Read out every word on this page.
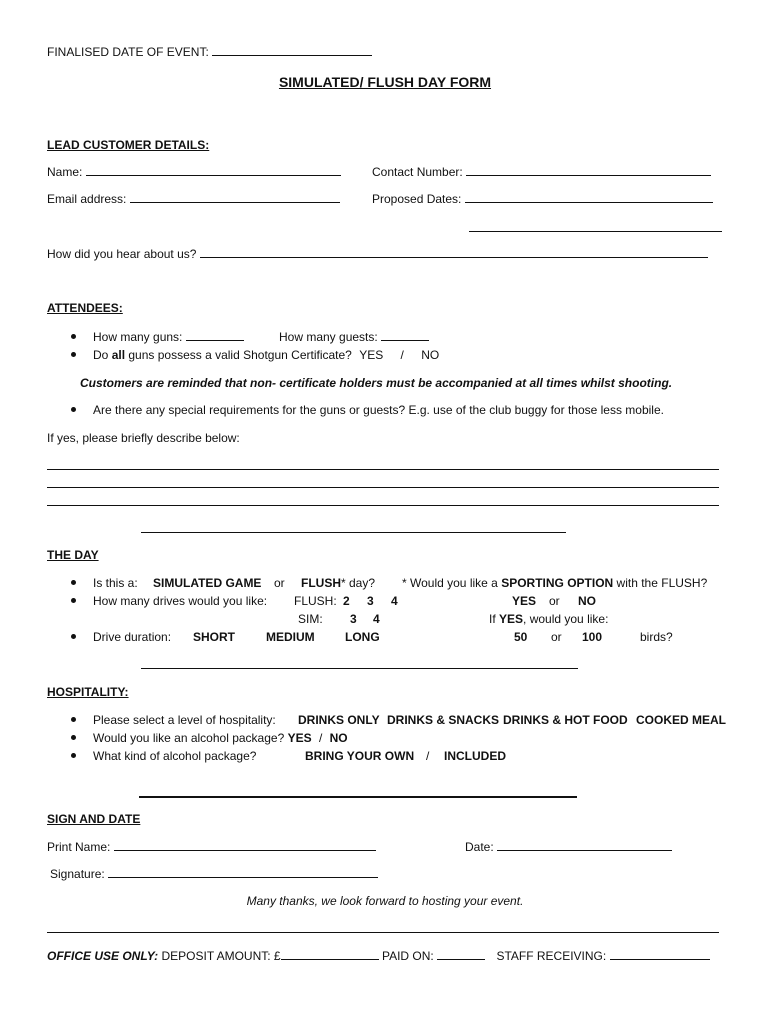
FINALISED DATE OF EVENT:
SIMULATED/ FLUSH DAY FORM
LEAD CUSTOMER DETAILS:
Name:	Contact Number:
Email address:	Proposed Dates:
How did you hear about us?
ATTENDEES:
How many guns:	How many guests:
Do all guns possess a valid Shotgun Certificate? YES / NO
Customers are reminded that non- certificate holders must be accompanied at all times whilst shooting.
Are there any special requirements for the guns or guests? E.g. use of the club buggy for those less mobile.
If yes, please briefly describe below:
THE DAY
Is this a: SIMULATED GAME or FLUSH* day? * Would you like a SPORTING OPTION with the FLUSH?
How many drives would you like: FLUSH: 2 3 4	YES or NO
SIM: 3 4	If YES, would you like:
Drive duration: SHORT	MEDIUM	LONG	50 or 100	birds?
HOSPITALITY:
Please select a level of hospitality: DRINKS ONLY DRINKS & SNACKS DRINKS & HOT FOOD COOKED MEAL
Would you like an alcohol package? YES / NO
What kind of alcohol package?	BRING YOUR OWN / INCLUDED
SIGN AND DATE
Print Name:	Date:
Signature:
Many thanks, we look forward to hosting your event.
OFFICE USE ONLY: DEPOSIT AMOUNT: £	PAID ON:	STAFF RECEIVING:
